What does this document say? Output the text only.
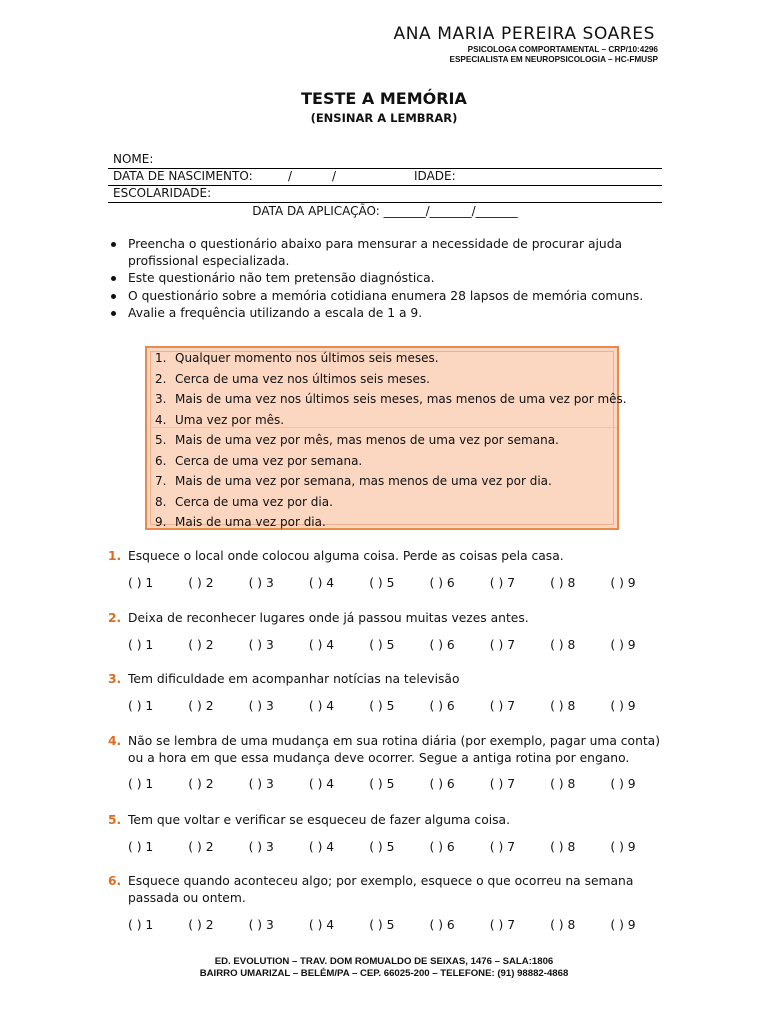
ANA MARIA PEREIRA SOARES
PSICOLOGA COMPORTAMENTAL – CRP/10:4296
ESPECIALISTA EM NEUROPSICOLOGIA – HC-FMUSP
TESTE A MEMÓRIA
(ENSINAR A LEMBRAR)
NOME:
DATA DE NASCIMENTO:	/	/	IDADE:
ESCOLARIDADE:
DATA DA APLICAÇÃO: _______/_______/_______
Preencha o questionário abaixo para mensurar a necessidade de procurar ajuda profissional especializada.
Este questionário não tem pretensão diagnóstica.
O questionário sobre a memória cotidiana enumera 28 lapsos de memória comuns.
Avalie a frequência utilizando a escala de 1 a 9.
1. Qualquer momento nos últimos seis meses.
2. Cerca de uma vez nos últimos seis meses.
3. Mais de uma vez nos últimos seis meses, mas menos de uma vez por mês.
4. Uma vez por mês.
5. Mais de uma vez por mês, mas menos de uma vez por semana.
6. Cerca de uma vez por semana.
7. Mais de uma vez por semana, mas menos de uma vez por dia.
8. Cerca de uma vez por dia.
9. Mais de uma vez por dia.
1. Esquece o local onde colocou alguma coisa. Perde as coisas pela casa.
( ) 1	( ) 2	( ) 3	( ) 4	( ) 5	( ) 6	( ) 7	( ) 8	( ) 9
2. Deixa de reconhecer lugares onde já passou muitas vezes antes.
( ) 1	( ) 2	( ) 3	( ) 4	( ) 5	( ) 6	( ) 7	( ) 8	( ) 9
3. Tem dificuldade em acompanhar notícias na televisão
( ) 1	( ) 2	( ) 3	( ) 4	( ) 5	( ) 6	( ) 7	( ) 8	( ) 9
4. Não se lembra de uma mudança em sua rotina diária (por exemplo, pagar uma conta) ou a hora em que essa mudança deve ocorrer. Segue a antiga rotina por engano.
( ) 1	( ) 2	( ) 3	( ) 4	( ) 5	( ) 6	( ) 7	( ) 8	( ) 9
5. Tem que voltar e verificar se esqueceu de fazer alguma coisa.
( ) 1	( ) 2	( ) 3	( ) 4	( ) 5	( ) 6	( ) 7	( ) 8	( ) 9
6. Esquece quando aconteceu algo; por exemplo, esquece o que ocorreu na semana passada ou ontem.
( ) 1	( ) 2	( ) 3	( ) 4	( ) 5	( ) 6	( ) 7	( ) 8	( ) 9
ED. EVOLUTION – TRAV. DOM ROMUALDO DE SEIXAS, 1476 – SALA:1806
BAIRRO UMARIZAL – BELÉM/PA – CEP. 66025-200 – TELEFONE: (91) 98882-4868
